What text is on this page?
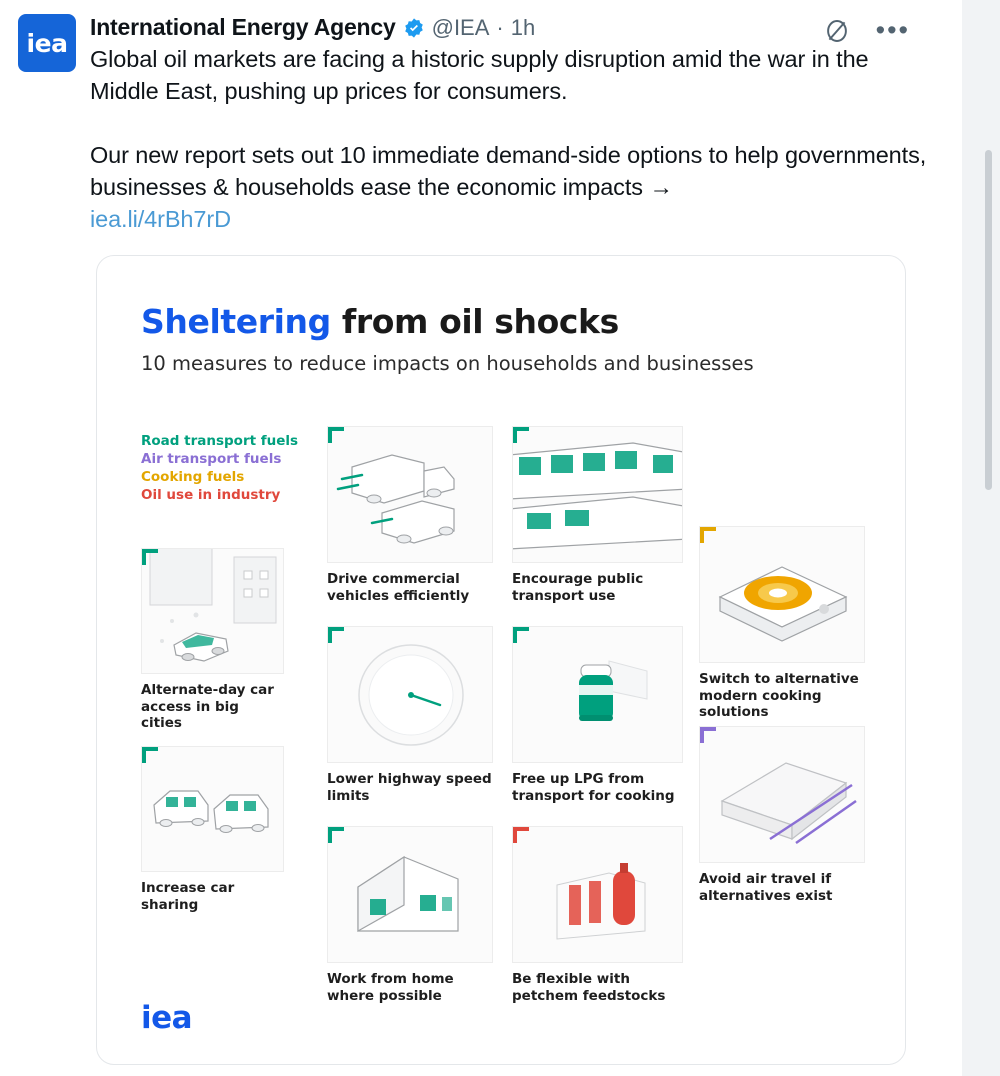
•••
iea
International Energy Agency @IEA · 1h

Global oil markets are facing a historic supply disruption amid the war in the Middle East, pushing up prices for consumers.

Our new report sets out 10 immediate demand-side options to help governments, businesses & households ease the economic impacts →

iea.li/4rBh7rD

Sheltering from oil shocks
10 measures to reduce impacts on households and businesses
Road transport fuels
Air transport fuels
Cooking fuels
Oil use in industry
Alternate-day car access in big cities
Increase car sharing
Drive commercial vehicles efficiently
Lower highway speed limits
Work from home where possible
Encourage public transport use
Free up LPG from transport for cooking
Be flexible with petchem feedstocks
Switch to alternative modern cooking solutions
Avoid air travel if alternatives exist
iea
